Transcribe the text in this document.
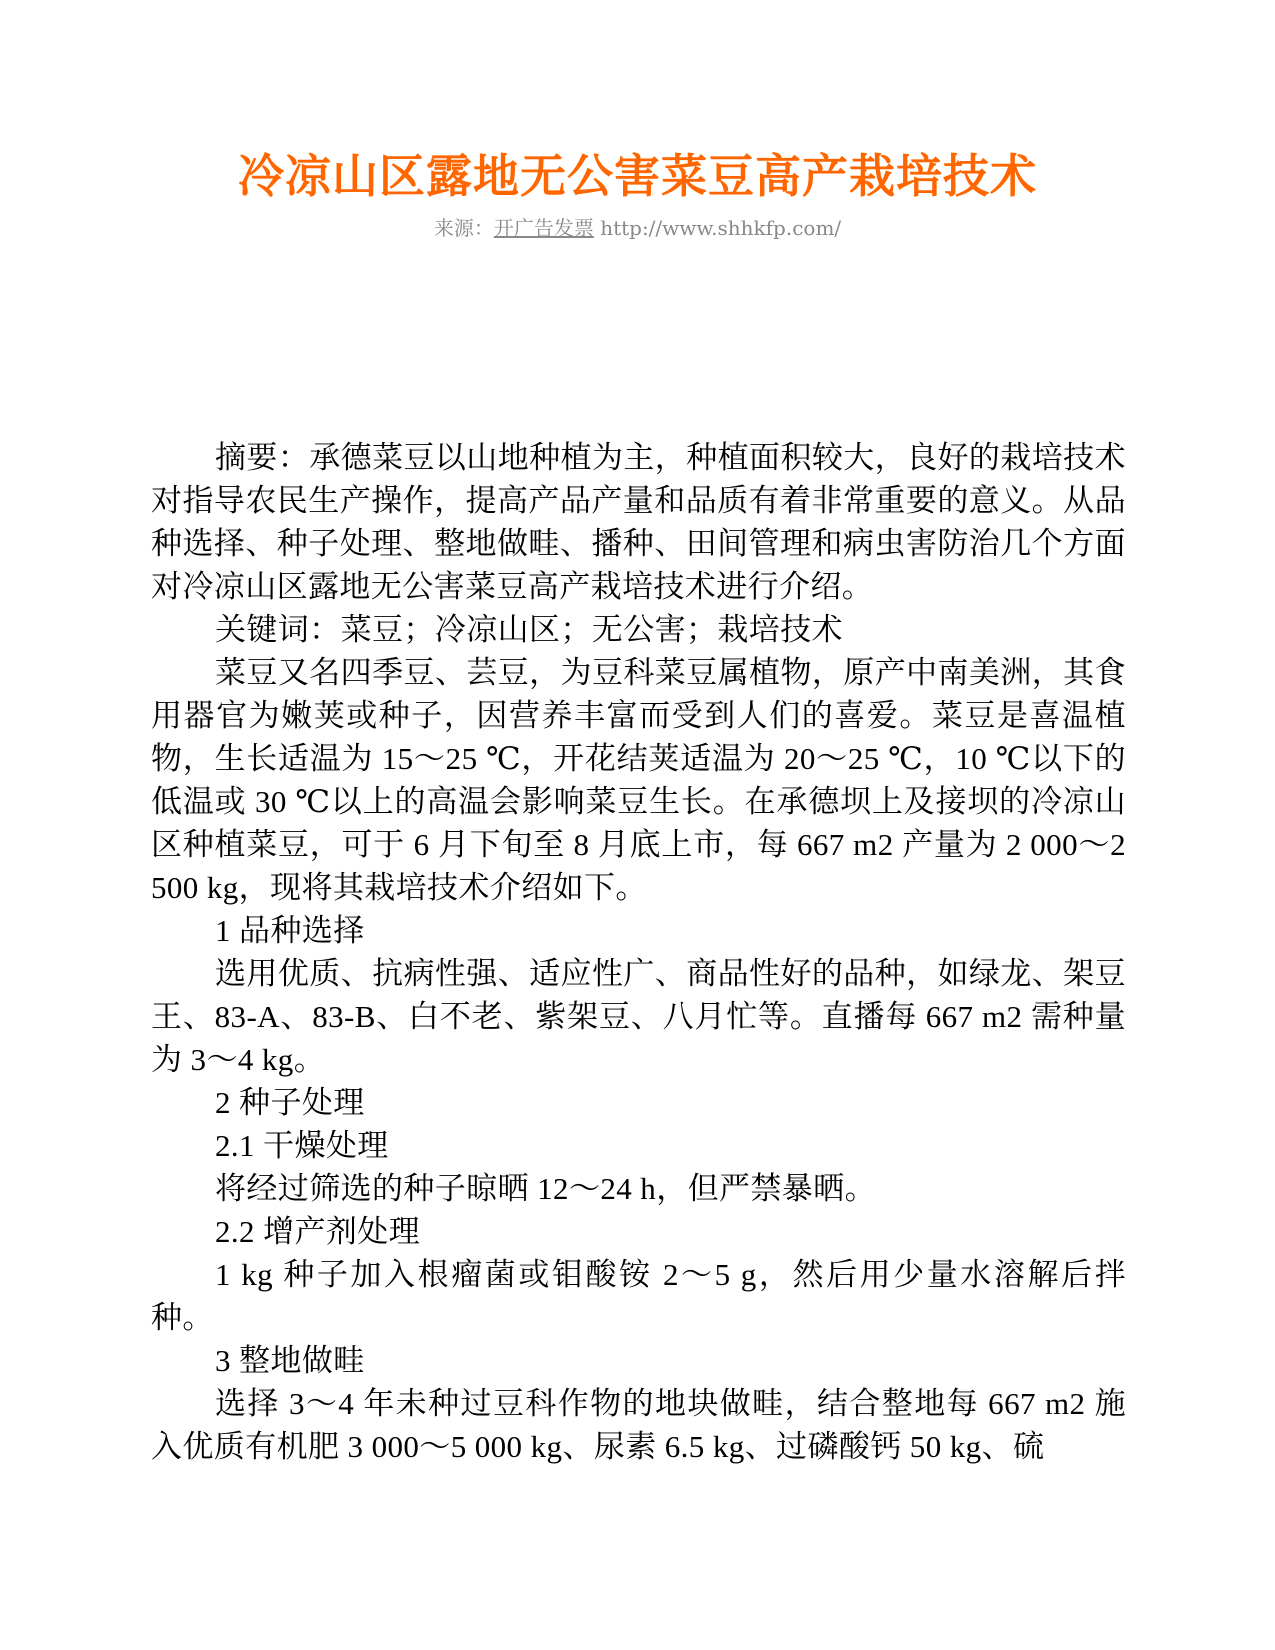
冷凉山区露地无公害菜豆高产栽培技术
来源：开广告发票 http://www.shhkfp.com/

摘要：承德菜豆以山地种植为主，种植面积较大，良好的栽培技术对指导农民生产操作，提高产品产量和品质有着非常重要的意义。从品种选择、种子处理、整地做畦、播种、田间管理和病虫害防治几个方面对冷凉山区露地无公害菜豆高产栽培技术进行介绍。

关键词：菜豆；冷凉山区；无公害；栽培技术

菜豆又名四季豆、芸豆，为豆科菜豆属植物，原产中南美洲，其食用器官为嫩荚或种子，因营养丰富而受到人们的喜爱。菜豆是喜温植物，生长适温为 15～25 ℃，开花结荚适温为 20～25 ℃，10 ℃以下的低温或 30 ℃以上的高温会影响菜豆生长。在承德坝上及接坝的冷凉山区种植菜豆，可于 6 月下旬至 8 月底上市，每 667 m2 产量为 2 000～2 500 kg，现将其栽培技术介绍如下。

1 品种选择

选用优质、抗病性强、适应性广、商品性好的品种，如绿龙、架豆王、83-A、83-B、白不老、紫架豆、八月忙等。直播每 667 m2 需种量为 3～4 kg。

2 种子处理

2.1 干燥处理

将经过筛选的种子晾晒 12～24 h，但严禁暴晒。

2.2 增产剂处理

1 kg 种子加入根瘤菌或钼酸铵 2～5 g，然后用少量水溶解后拌种。

3 整地做畦

选择 3～4 年未种过豆科作物的地块做畦，结合整地每 667 m2 施入优质有机肥 3 000～5 000 kg、尿素 6.5 kg、过磷酸钙 50 kg、硫
